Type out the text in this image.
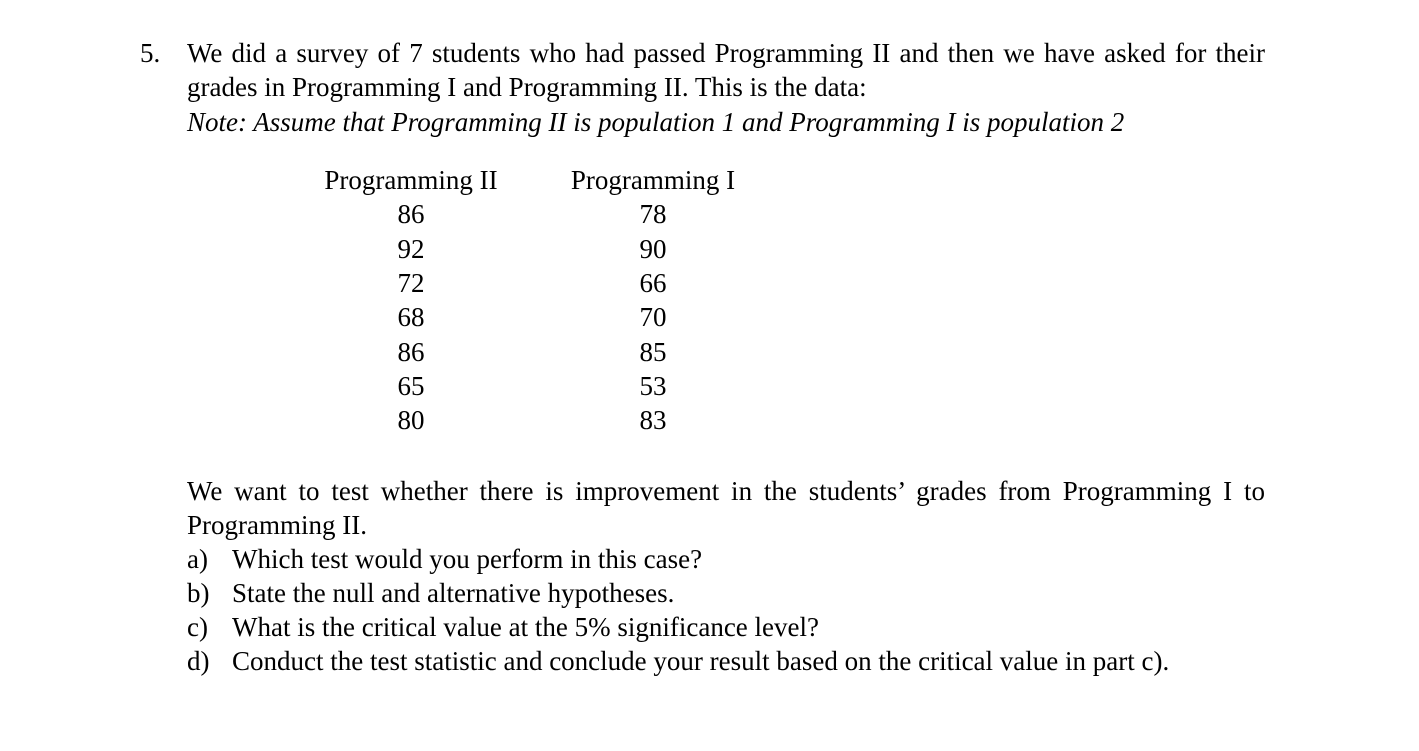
5. We did a survey of 7 students who had passed Programming II and then we have asked for their grades in Programming I and Programming II. This is the data:
Note: Assume that Programming II is population 1 and Programming I is population 2
Programming II	Programming I
86	78
92	90
72	66
68	70
86	85
65	53
80	83
We want to test whether there is improvement in the students’ grades from Programming I to Programming II.
a) Which test would you perform in this case?
b) State the null and alternative hypotheses.
c) What is the critical value at the 5% significance level?
d) Conduct the test statistic and conclude your result based on the critical value in part c).
